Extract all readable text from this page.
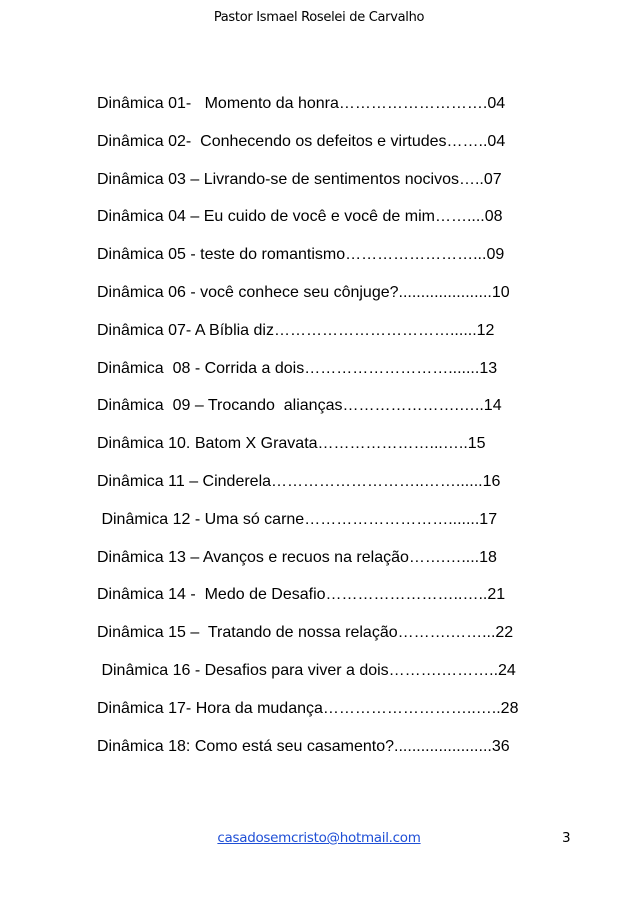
Pastor Ismael Roselei de Carvalho
Dinâmica 01-   Momento da honra……………………….04
Dinâmica 02-  Conhecendo os defeitos e virtudes……..04
Dinâmica 03 – Livrando-se de sentimentos nocivos…..07
Dinâmica 04 – Eu cuido de você e você de mim……....08
Dinâmica 05 - teste do romantismo……………………...09
Dinâmica 06 - você conhece seu cônjuge?.....................10
Dinâmica 07- A Bíblia diz……………………………......12
Dinâmica  08 - Corrida a dois……………………….......13
Dinâmica  09 – Trocando  alianças………………….…..14
Dinâmica 10. Batom X Gravata…………………...…..15
Dinâmica 11 – Cinderela………………………..……......16
Dinâmica 12 - Uma só carne……………………….......17
Dinâmica 13 – Avanços e recuos na relação…….…....18
Dinâmica 14 -  Medo de Desafio……………………..…..21
Dinâmica 15 –  Tratando de nossa relação……….……...22
Dinâmica 16 - Desafios para viver a dois……….………..24
Dinâmica 17- Hora da mudança………………………..…..28
Dinâmica 18: Como está seu casamento?......................36
casadosemcristo@hotmail.com	3
